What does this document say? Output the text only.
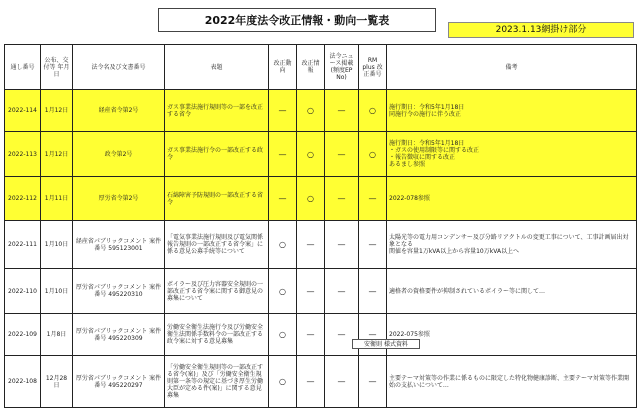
2022年度法令改正情報・動向一覧表
2023.1.13網掛け部分
通し番号	公布、交付等 年月日	法令名及び文書番号	表題	改正動向	改正情報	法令ニュース掲載(頻度EP No)	RM plus 改正番号	備考
2022-114	1月12日	経産省令第2号	ガス事業法施行規則等の一部を改正する省令	—	○	—	○	施行期日：令和5年1月18日
同施行令の施行に伴う改正
2022-113	1月12日	政令第2号	ガス事業法施行令の一部改正する政令	—	○	—	○	施行期日：令和5年1月18日
・ガスの使用制限等に関する改正
・報告徴収に関する改正
あるまし参照
2022-112	1月11日	厚労省令第2号	石綿障害予防規則の一部改正する省令	—	○	—	—	2022-078参照
2022-111	1月10日	経産省パブリックコメント 案件番号 595123001	「電気事業法施行規則及び電気関係報告規則の一部改正する省令案」に係る意見公募手続等について	○	—	—	—	太陽光等の電力用コンデンサー及び分路リアクトルの変更工事について、工事計画届出対象となる
関値を容量1万kVA以上から容量10万kVA以上へ
2022-110	1月10日	厚労省パブリックコメント 案件番号 495220310	ボイラー及び圧力容器安全規則の一部改正する省令案に関する御意見の募集について	○	—	—	—	適格者の資格要件が抑制されているボイラー等に関して…
2022-109	1月8日	厚労省パブリックコメント 案件番号 495220309	労働安全衛生法施行令及び労働安全衛生法関係手数料令の一部改正する政令案に対する意見募集	○	—	—	—	2022-075参照
2022-108	12月28日	厚労省パブリックコメント 案件番号 495220297	「労働安全衛生規則等の一部改正する省令(案)」及び「労働安全衛生規則第一条等の規定に基づき厚生労働大臣が定める件(案)」に関する意見募集	○	—	—	—	主要テーマ対策等の作業に係るものに限定した特化物健康診断、主要テーマ対策等作業開始の支払いについて…
安衛則 様式資料
